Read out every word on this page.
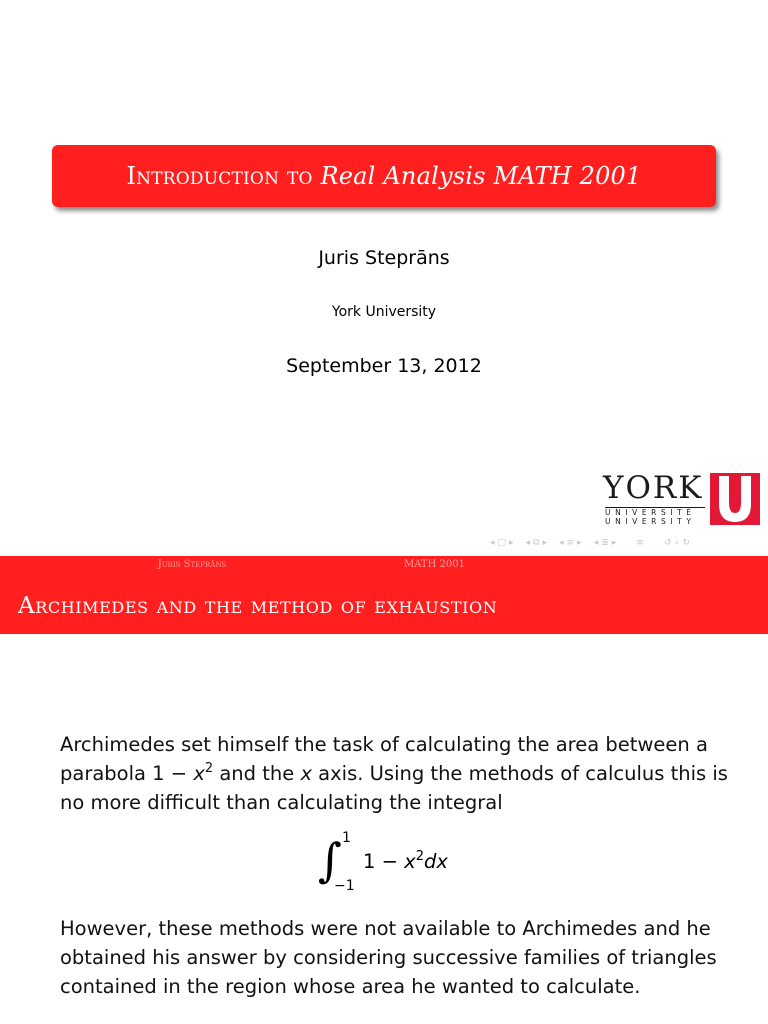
Introduction to Real Analysis MATH 2001
Juris Steprāns
York University
September 13, 2012
YORK
UNIVERSITÉ
UNIVERSITY
◂ □ ▸ ◂ ⧉ ▸ ◂ ≡ ▸ ◂ ≣ ▸ ≡ ↺ ⌕ ↻
Juris Steprāns	MATH 2001
Archimedes and the method of exhaustion
Archimedes set himself the task of calculating the area between a parabola $1 - x^2$ and the x axis. Using the methods of calculus this is no more difficult than calculating the integral
∫ 1
−1
$1 - x^2dx$
However, these methods were not available to Archimedes and he obtained his answer by considering successive families of triangles contained in the region whose area he wanted to calculate.
